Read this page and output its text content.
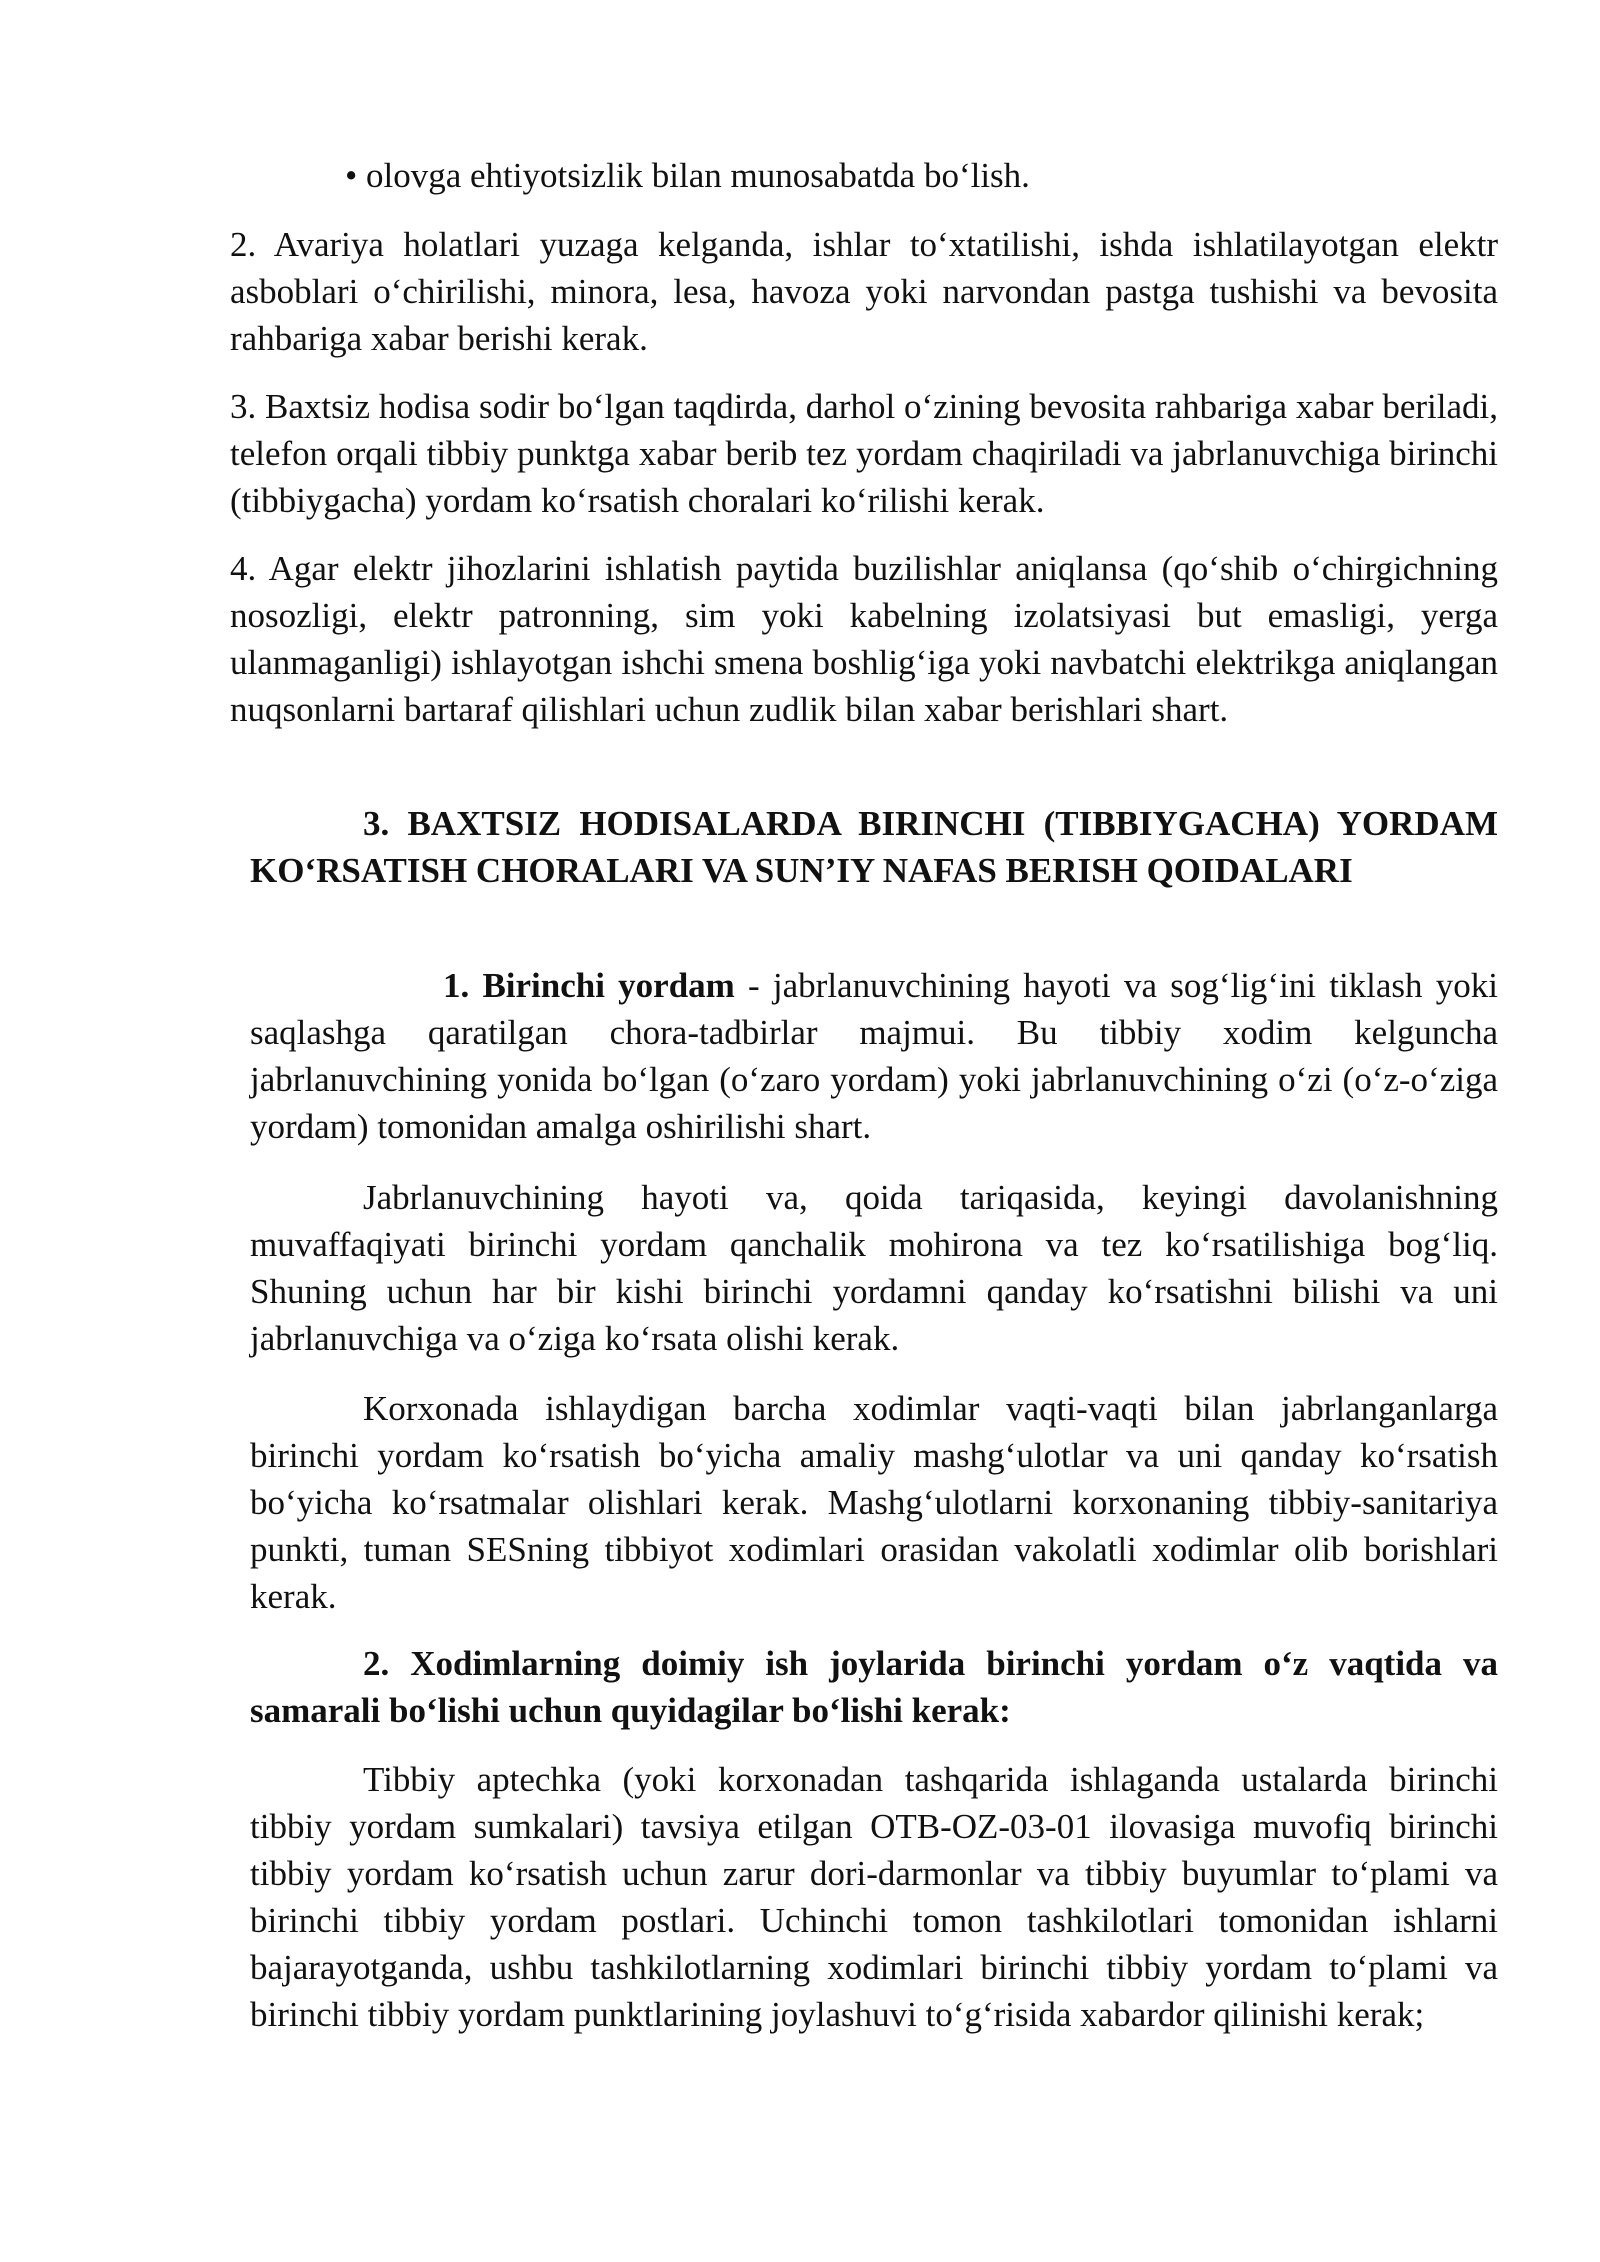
• olovga ehtiyotsizlik bilan munosabatda bo‘lish.

2. Avariya holatlari yuzaga kelganda, ishlar to‘xtatilishi, ishda ishlatilayotgan elektr asboblari o‘chirilishi, minora, lesa, havoza yoki narvondan pastga tushishi va bevosita rahbariga xabar berishi kerak.

3. Baxtsiz hodisa sodir bo‘lgan taqdirda, darhol o‘zining bevosita rahbariga xabar beriladi, telefon orqali tibbiy punktga xabar berib tez yordam chaqiriladi va jabrlanuvchiga birinchi (tibbiygacha) yordam ko‘rsatish choralari ko‘rilishi kerak.

4. Agar elektr jihozlarini ishlatish paytida buzilishlar aniqlansa (qo‘shib o‘chirgichning nosozligi, elektr patronning, sim yoki kabelning izolatsiyasi but emasligi, yerga ulanmaganligi) ishlayotgan ishchi smena boshlig‘iga yoki navbatchi elektrikga aniqlangan nuqsonlarni bartaraf qilishlari uchun zudlik bilan xabar berishlari shart.

3. BAXTSIZ HODISALARDA BIRINCHI (TIBBIYGACHA) YORDAM KO‘RSATISH CHORALARI VA SUN’IY NAFAS BERISH QOIDALARI

1. Birinchi yordam - jabrlanuvchining hayoti va sog‘lig‘ini tiklash yoki saqlashga qaratilgan chora-tadbirlar majmui. Bu tibbiy xodim kelguncha jabrlanuvchining yonida bo‘lgan (o‘zaro yordam) yoki jabrlanuvchining o‘zi (o‘z-o‘ziga yordam) tomonidan amalga oshirilishi shart.

Jabrlanuvchining hayoti va, qoida tariqasida, keyingi davolanishning muvaffaqiyati birinchi yordam qanchalik mohirona va tez ko‘rsatilishiga bog‘liq. Shuning uchun har bir kishi birinchi yordamni qanday ko‘rsatishni bilishi va uni jabrlanuvchiga va o‘ziga ko‘rsata olishi kerak.

Korxonada ishlaydigan barcha xodimlar vaqti-vaqti bilan jabrlanganlarga birinchi yordam ko‘rsatish bo‘yicha amaliy mashg‘ulotlar va uni qanday ko‘rsatish bo‘yicha ko‘rsatmalar olishlari kerak. Mashg‘ulotlarni korxonaning tibbiy-sanitariya punkti, tuman SESning tibbiyot xodimlari orasidan vakolatli xodimlar olib borishlari kerak.

2. Xodimlarning doimiy ish joylarida birinchi yordam o‘z vaqtida va samarali bo‘lishi uchun quyidagilar bo‘lishi kerak:

Tibbiy aptechka (yoki korxonadan tashqarida ishlaganda ustalarda birinchi tibbiy yordam sumkalari) tavsiya etilgan OTB-OZ-03-01 ilovasiga muvofiq birinchi tibbiy yordam ko‘rsatish uchun zarur dori-darmonlar va tibbiy buyumlar to‘plami va birinchi tibbiy yordam postlari. Uchinchi tomon tashkilotlari tomonidan ishlarni bajarayotganda, ushbu tashkilotlarning xodimlari birinchi tibbiy yordam to‘plami va birinchi tibbiy yordam punktlarining joylashuvi to‘g‘risida xabardor qilinishi kerak;
